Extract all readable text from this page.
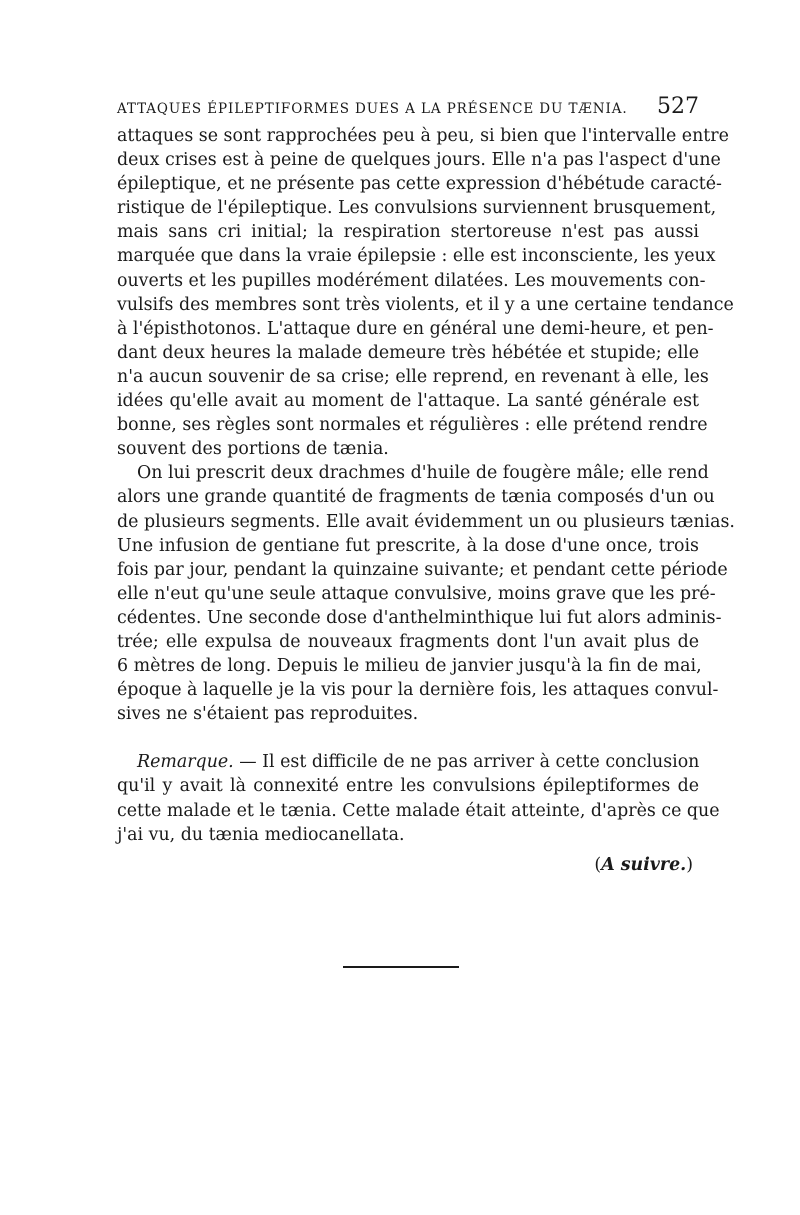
ATTAQUES ÉPILEPTIFORMES DUES A LA PRÉSENCE DU TÆNIA. 527

attaques se sont rapprochées peu à peu, si bien que l'intervalle entre
deux crises est à peine de quelques jours. Elle n'a pas l'aspect d'une
épileptique, et ne présente pas cette expression d'hébétude caracté-
ristique de l'épileptique. Les convulsions surviennent brusquement,
mais sans cri initial; la respiration stertoreuse n'est pas aussi
marquée que dans la vraie épilepsie : elle est inconsciente, les yeux
ouverts et les pupilles modérément dilatées. Les mouvements con-
vulsifs des membres sont très violents, et il y a une certaine tendance
à l'épisthotonos. L'attaque dure en général une demi-heure, et pen-
dant deux heures la malade demeure très hébétée et stupide; elle
n'a aucun souvenir de sa crise; elle reprend, en revenant à elle, les
idées qu'elle avait au moment de l'attaque. La santé générale est
bonne, ses règles sont normales et régulières : elle prétend rendre
souvent des portions de tænia.

On lui prescrit deux drachmes d'huile de fougère mâle; elle rend
alors une grande quantité de fragments de tænia composés d'un ou
de plusieurs segments. Elle avait évidemment un ou plusieurs tænias.
Une infusion de gentiane fut prescrite, à la dose d'une once, trois
fois par jour, pendant la quinzaine suivante; et pendant cette période
elle n'eut qu'une seule attaque convulsive, moins grave que les pré-
cédentes. Une seconde dose d'anthelminthique lui fut alors adminis-
trée; elle expulsa de nouveaux fragments dont l'un avait plus de
6 mètres de long. Depuis le milieu de janvier jusqu'à la fin de mai,
époque à laquelle je la vis pour la dernière fois, les attaques convul-
sives ne s'étaient pas reproduites.

Remarque. — Il est difficile de ne pas arriver à cette conclusion
qu'il y avait là connexité entre les convulsions épileptiformes de
cette malade et le tænia. Cette malade était atteinte, d'après ce que
j'ai vu, du tænia mediocanellata.

(A suivre.)
